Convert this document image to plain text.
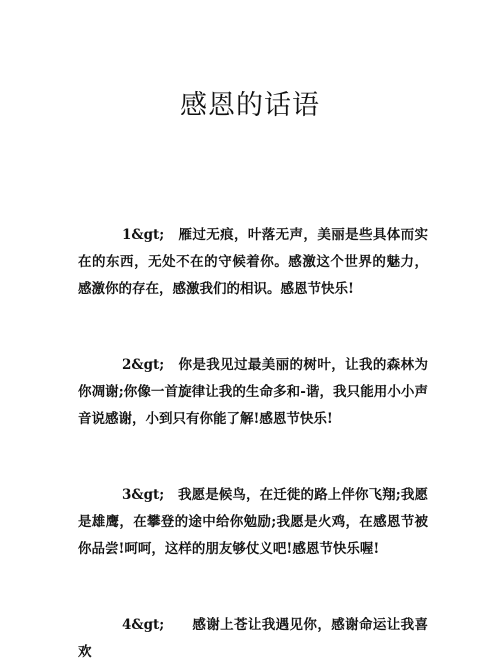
感恩的话语

1&gt;　雁过无痕，叶落无声，美丽是些具体而实在的东西，无处不在的守候着你。感激这个世界的魅力，感激你的存在，感激我们的相识。感恩节快乐!

2&gt;　你是我见过最美丽的树叶，让我的森林为你凋谢;你像一首旋律让我的生命多和-谐，我只能用小小声音说感谢，小到只有你能了解!感恩节快乐!

3&gt;　我愿是候鸟，在迁徙的路上伴你飞翔;我愿是雄鹰，在攀登的途中给你勉励;我愿是火鸡，在感恩节被你品尝!呵呵，这样的朋友够仗义吧!感恩节快乐喔!

4&gt;　　感谢上苍让我遇见你，感谢命运让我喜欢
